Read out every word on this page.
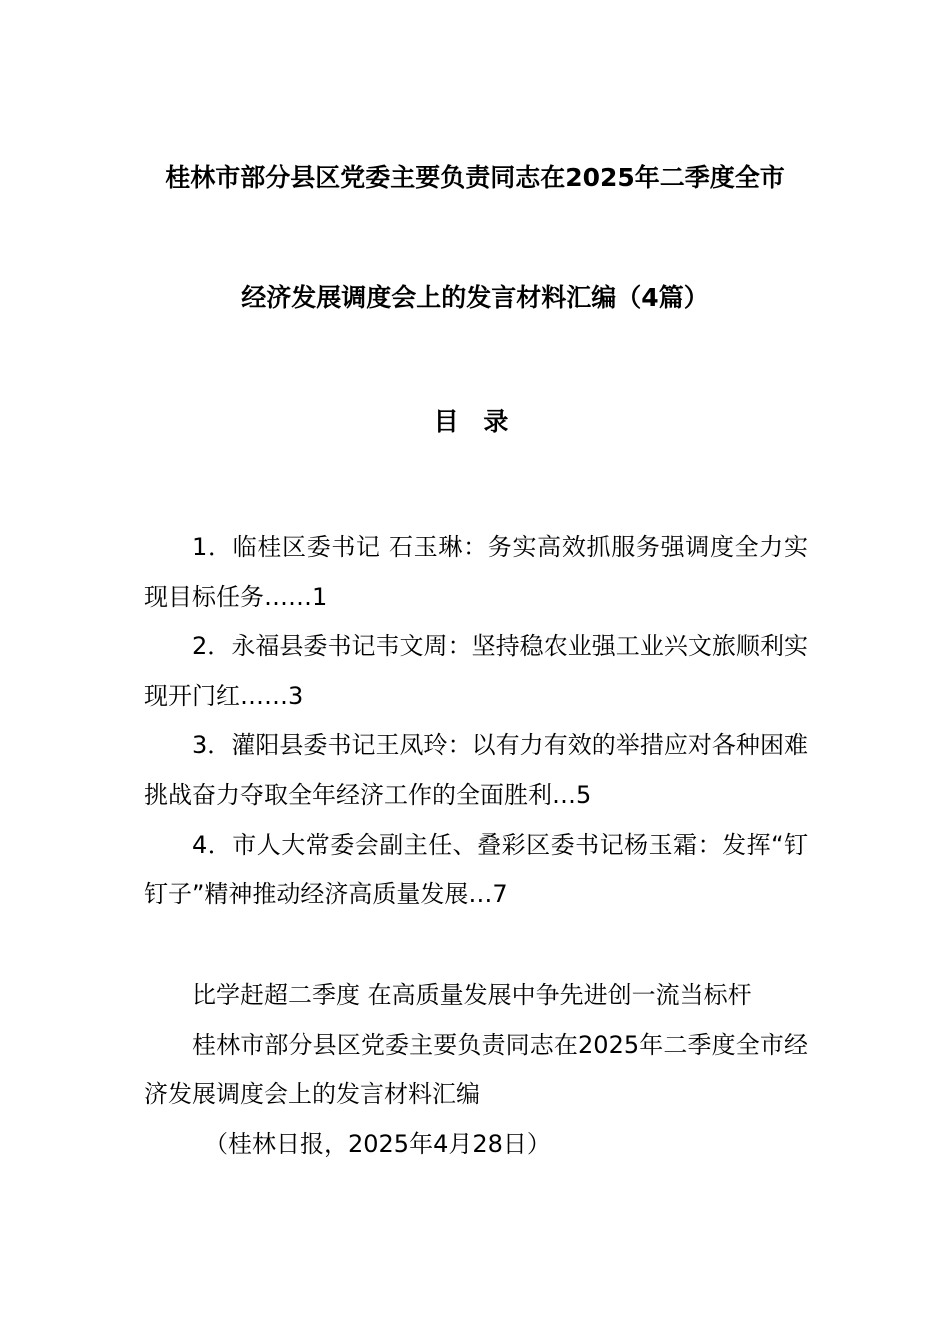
桂林市部分县区党委主要负责同志在2025年二季度全市
经济发展调度会上的发言材料汇编（4篇）
目 录

1．临桂区委书记 石玉琳：务实高效抓服务强调度全力实现目标任务……1

2．永福县委书记韦文周：坚持稳农业强工业兴文旅顺利实现开门红……3

3．灌阳县委书记王凤玲：以有力有效的举措应对各种困难挑战奋力夺取全年经济工作的全面胜利…5

4．市人大常委会副主任、叠彩区委书记杨玉霜：发挥“钉钉子”精神推动经济高质量发展…7

比学赶超二季度 在高质量发展中争先进创一流当标杆

桂林市部分县区党委主要负责同志在2025年二季度全市经济发展调度会上的发言材料汇编

（桂林日报，2025年4月28日）
